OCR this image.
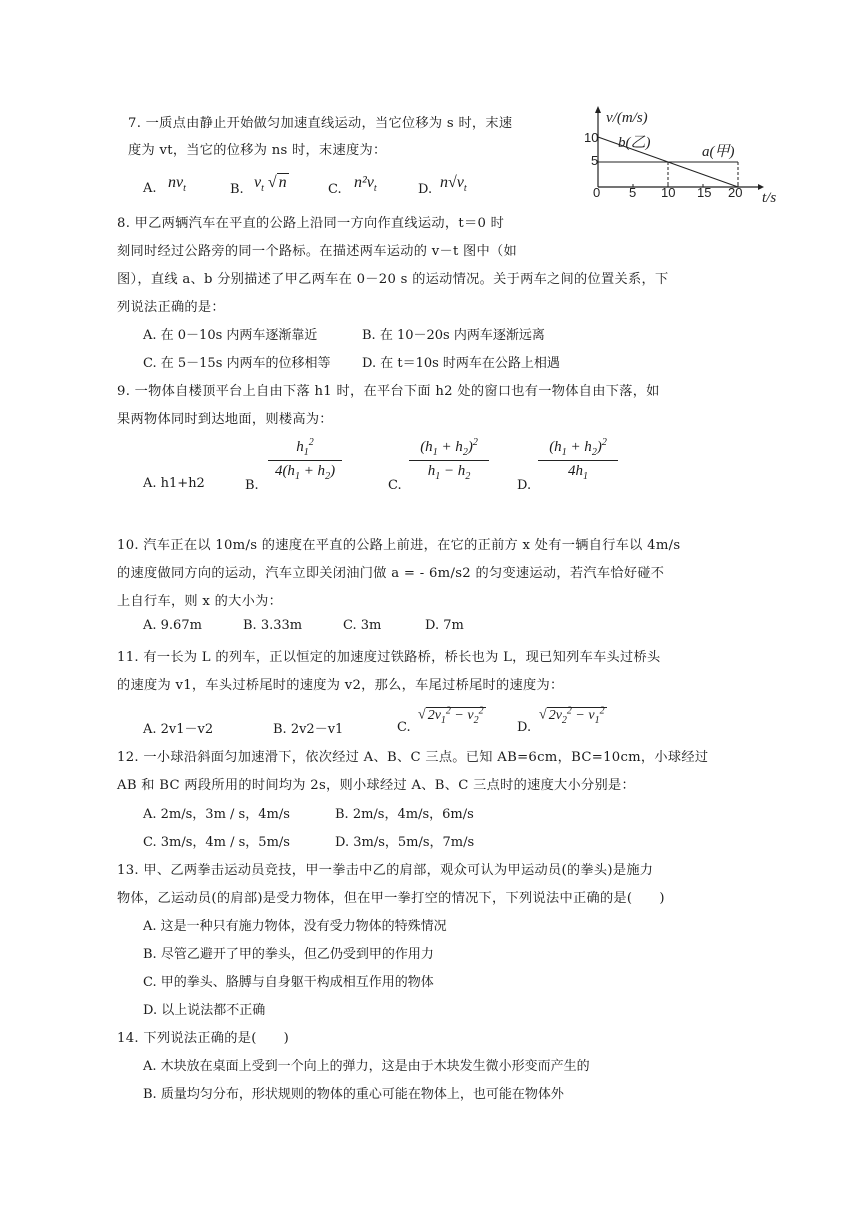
7. 一质点由静止开始做匀加速直线运动，当它位移为 s 时，末速
度为 vt，当它的位移为 ns 时，末速度为：
A. $nv_t$	B. $v_t$ √ n	C. $n^2v_t$	D. $n√v_t$
v/(m/s)
t/s
b(乙)
a(甲)
10
5
0 5 10 15 20
8. 甲乙两辆汽车在平直的公路上沿同一方向作直线运动，t＝0 时
刻同时经过公路旁的同一个路标。在描述两车运动的 v－t 图中（如
图），直线 a、b 分别描述了甲乙两车在 0－20 s 的运动情况。关于两车之间的位置关系，下
列说法正确的是：
A. 在 0－10s 内两车逐渐靠近	B. 在 10－20s 内两车逐渐远离
C. 在 5－15s 内两车的位移相等 D. 在 t＝10s 时两车在公路上相遇
9. 一物体自楼顶平台上自由下落 h1 时，在平台下面 h2 处的窗口也有一物体自由下落，如
果两物体同时到达地面，则楼高为：
A. h1+h2	B.
$h_1^2$
$4(h_1 + h_2)$
C.
$(h_1 + h_2)^2$
$h_1 - h_2$
D.
$(h_1 + h_2)^2$
$4h_1$
10. 汽车正在以 10m/s 的速度在平直的公路上前进，在它的正前方 x 处有一辆自行车以 4m/s
的速度做同方向的运动，汽车立即关闭油门做 a = - 6m/s2 的匀变速运动，若汽车恰好碰不
上自行车，则 x 的大小为：
A. 9.67m	B. 3.33m	C. 3m	D. 7m
11. 有一长为 L 的列车，正以恒定的加速度过铁路桥，桥长也为 L，现已知列车车头过桥头
的速度为 v1，车头过桥尾时的速度为 v2，那么，车尾过桥尾时的速度为：
A. 2v1－v2	B. 2v2－v1	C.
√ $2v_1^2 - v_2^2$
D.
√ $2v_2^2 - v_1^2$
12. 一小球沿斜面匀加速滑下，依次经过 A、B、C 三点。已知 AB=6cm，BC=10cm，小球经过
AB 和 BC 两段所用的时间均为 2s，则小球经过 A、B、C 三点时的速度大小分别是：
A. 2m/s，3m / s，4m/s	B. 2m/s，4m/s，6m/s
C. 3m/s，4m / s，5m/s	D. 3m/s，5m/s，7m/s
13. 甲、乙两拳击运动员竞技，甲一拳击中乙的肩部，观众可认为甲运动员(的拳头)是施力
物体，乙运动员(的肩部)是受力物体，但在甲一拳打空的情况下，下列说法中正确的是(　　)
A. 这是一种只有施力物体，没有受力物体的特殊情况
B. 尽管乙避开了甲的拳头，但乙仍受到甲的作用力
C. 甲的拳头、胳膊与自身躯干构成相互作用的物体
D. 以上说法都不正确
14. 下列说法正确的是(　　)
A. 木块放在桌面上受到一个向上的弹力，这是由于木块发生微小形变而产生的
B. 质量均匀分布，形状规则的物体的重心可能在物体上，也可能在物体外
